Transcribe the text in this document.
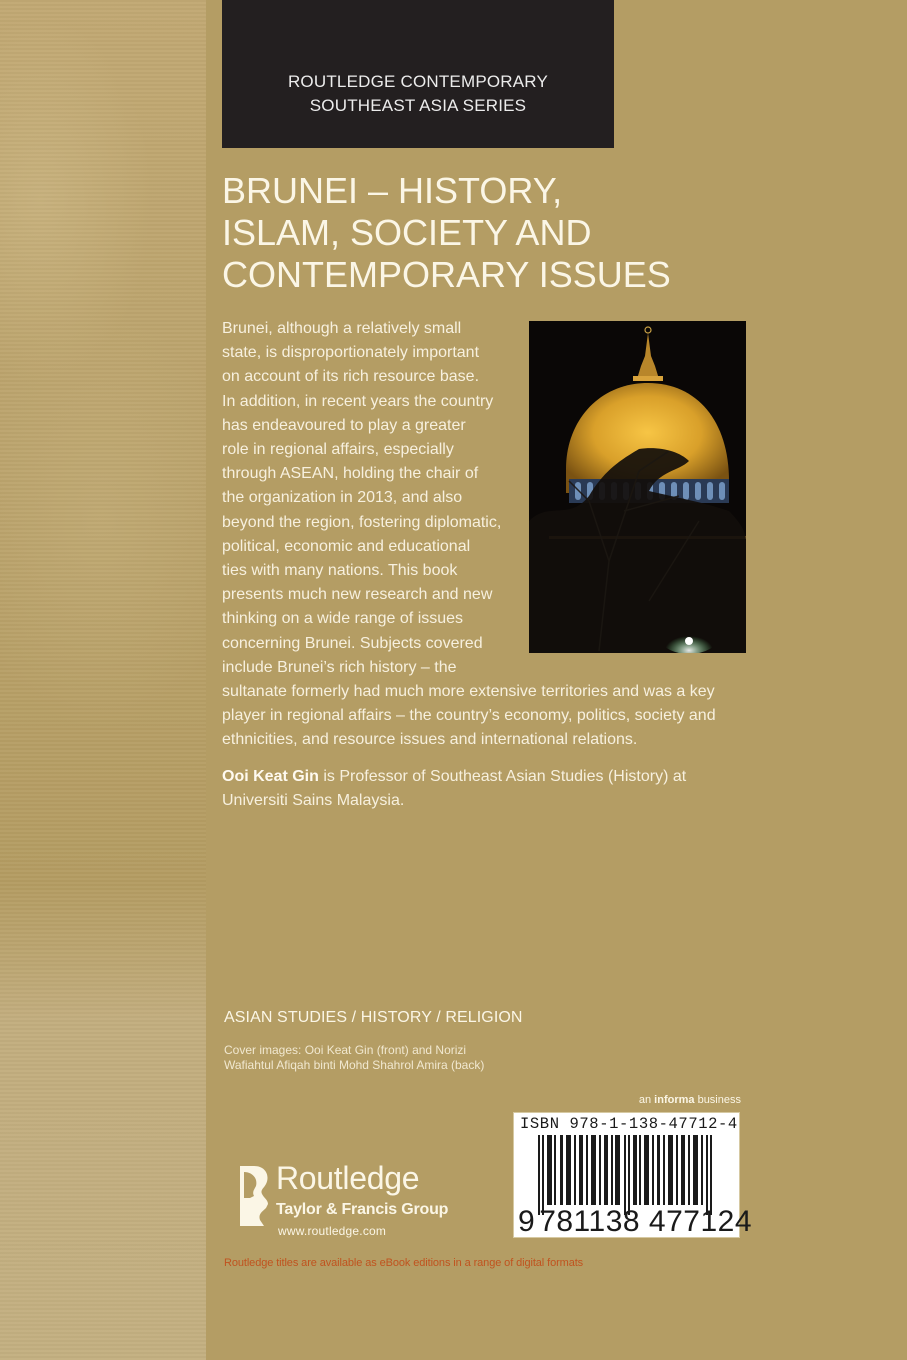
ROUTLEDGE CONTEMPORARY
SOUTHEAST ASIA SERIES
BRUNEI – HISTORY,
ISLAM, SOCIETY AND
CONTEMPORARY ISSUES
Brunei, although a relatively small
state, is disproportionately important
on account of its rich resource base.
In addition, in recent years the country
has endeavoured to play a greater
role in regional affairs, especially
through ASEAN, holding the chair of
the organization in 2013, and also
beyond the region, fostering diplomatic,
political, economic and educational
ties with many nations. This book
presents much new research and new
thinking on a wide range of issues
concerning Brunei. Subjects covered
include Brunei’s rich history – the
sultanate formerly had much more extensive territories and was a key
player in regional affairs – the country’s economy, politics, society and
ethnicities, and resource issues and international relations.
Ooi Keat Gin is Professor of Southeast Asian Studies (History) at
Universiti Sains Malaysia.
ASIAN STUDIES / HISTORY / RELIGION
Cover images: Ooi Keat Gin (front) and Norizi
Wafiahtul Afiqah binti Mohd Shahrol Amira (back)
an informa business
ISBN 978-1-138-47712-4
9 781138 477124
Routledge
Taylor & Francis Group
www.routledge.com
Routledge titles are available as eBook editions in a range of digital formats
